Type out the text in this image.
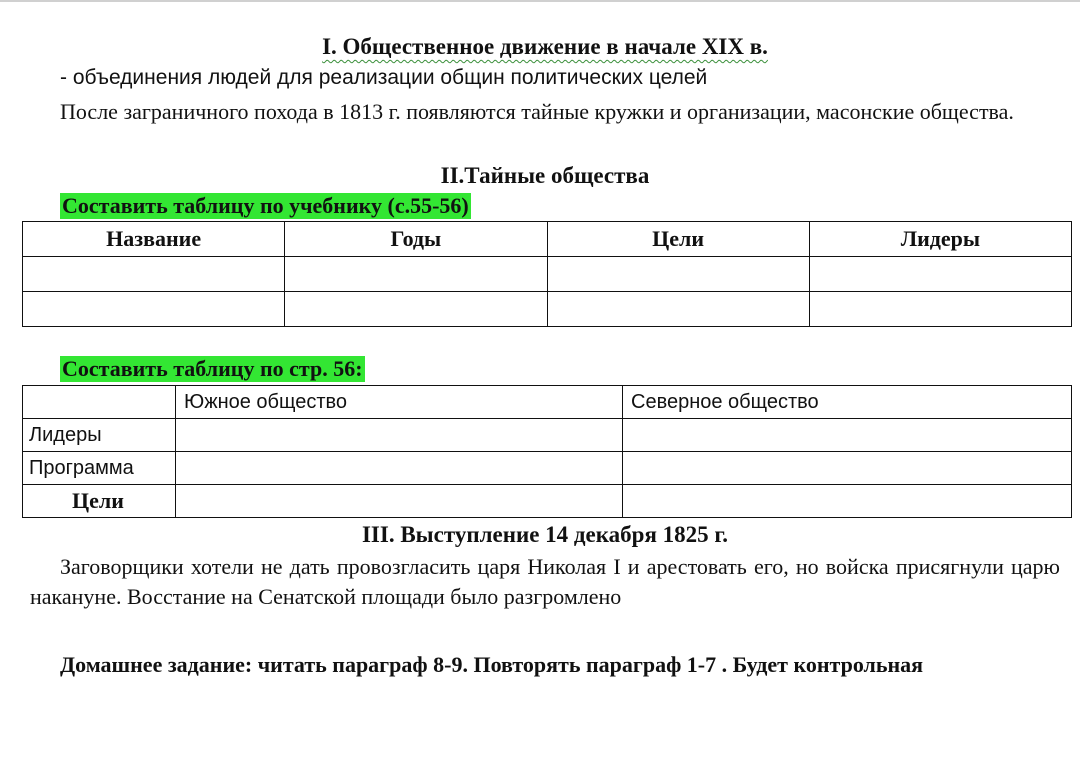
I. Общественное движение в начале XIX в.
- объединения людей для реализации общин политических целей
После заграничного похода в 1813 г. появляются тайные кружки и организации, масонские общества.
II.Тайные общества
Составить таблицу по учебнику (с.55-56)
Название	Годы	Цели	Лидеры

Составить таблицу по стр. 56:
	Южное общество	Северное общество
Лидеры		
Программа		
Цели		
III. Выступление 14 декабря 1825 г.
Заговорщики хотели не дать провозгласить царя Николая I и арестовать его, но войска присягнули царю накануне. Восстание на Сенатской площади было разгромлено
Домашнее задание: читать параграф 8-9. Повторять параграф 1-7 . Будет контрольная
